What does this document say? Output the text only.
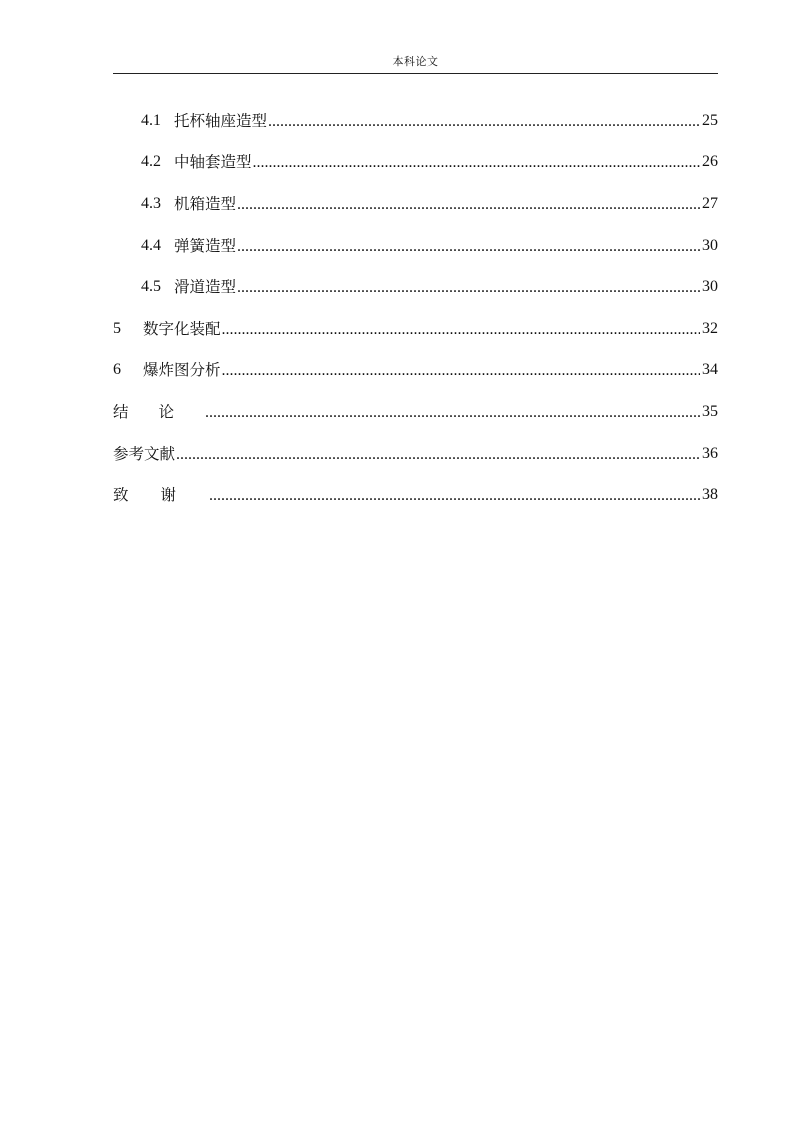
本科论文
4.1 托杯轴座造型 .....	25
4.2 中轴套造型 .....	26
4.3 机箱造型 .....	27
4.4 弹簧造型 .....	30
4.5 滑道造型 .....	30
5	数字化装配 .....	32
6	爆炸图分析 .....	34
结论 .....	35
参考文献 .....	36
致谢 .....	38
